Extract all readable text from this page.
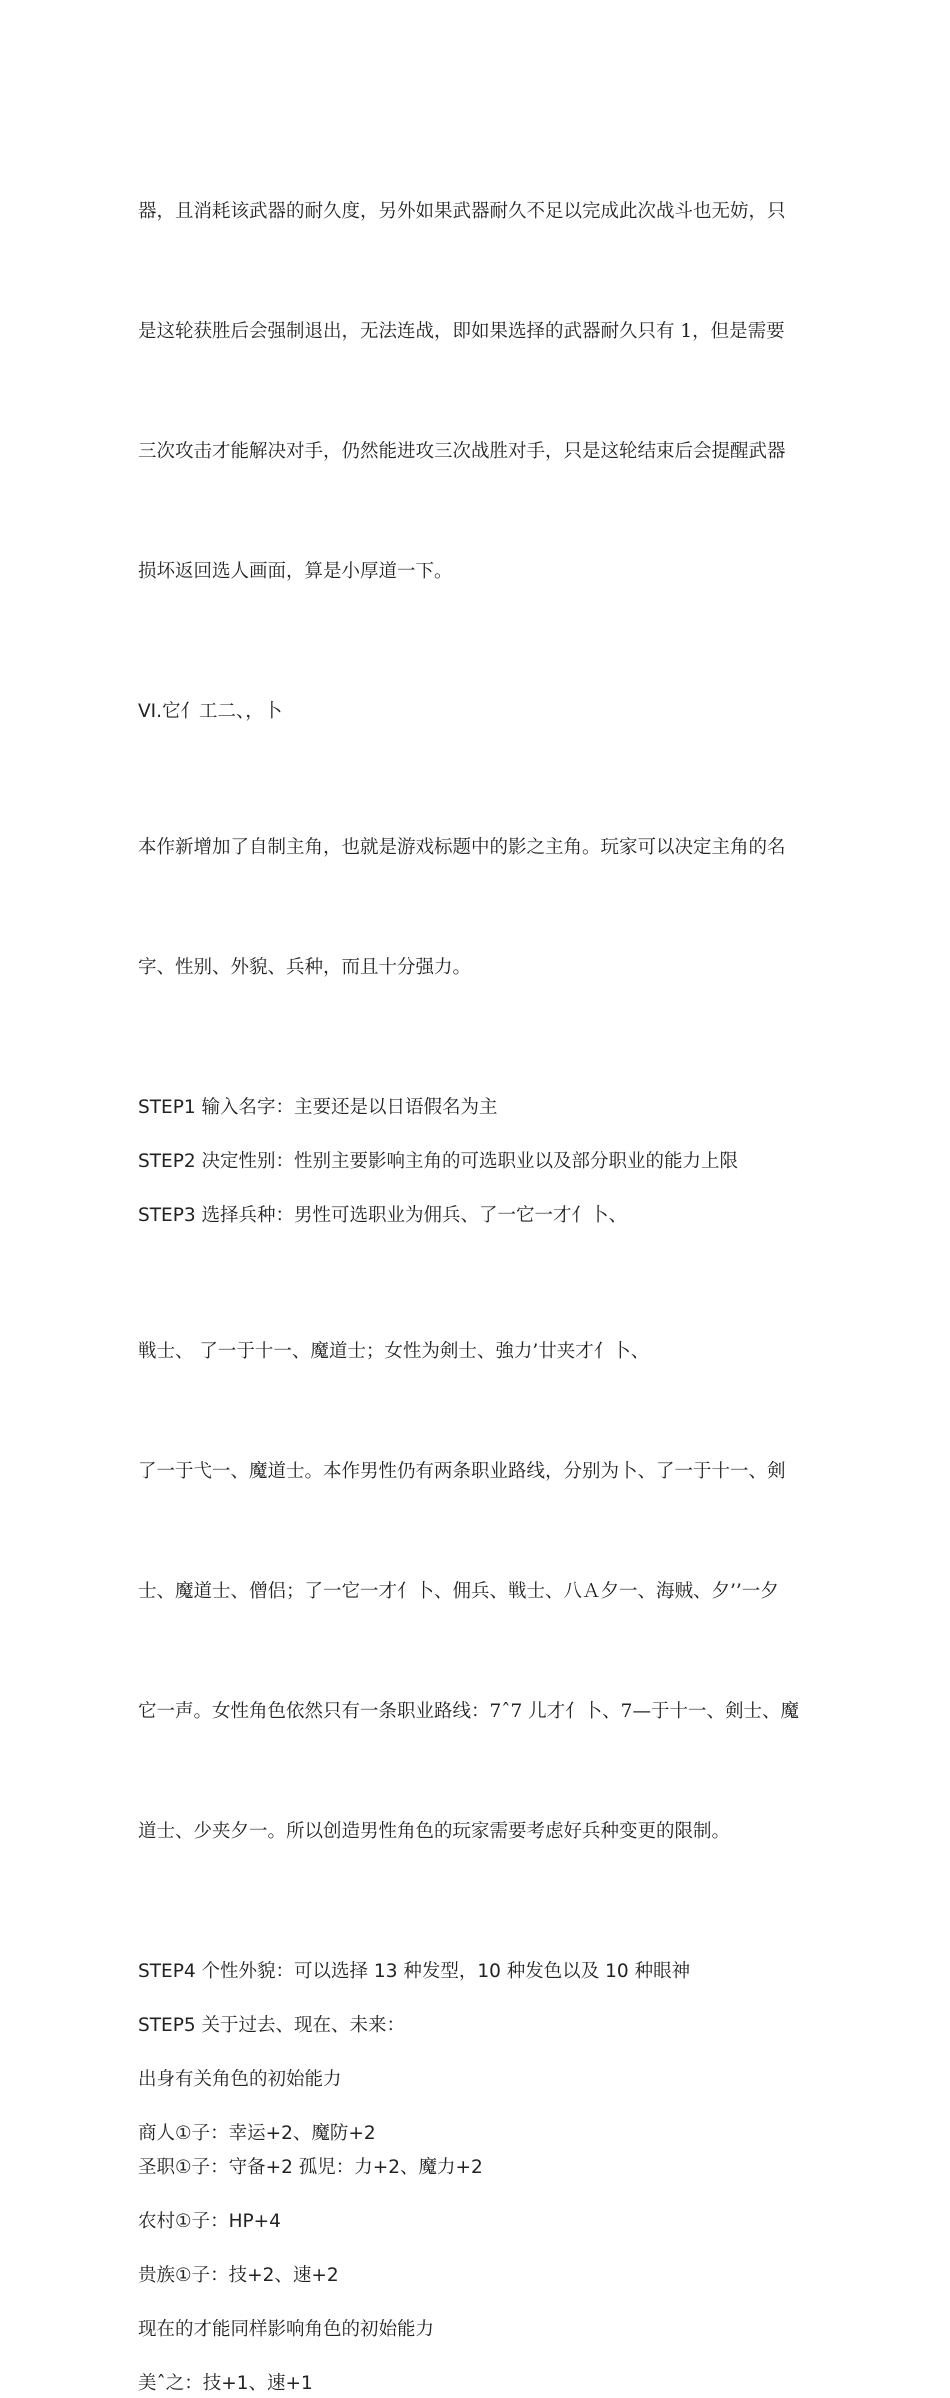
器，且消耗该武器的耐久度，另外如果武器耐久不足以完成此次战斗也无妨，只

是这轮获胜后会强制退出，无法连战，即如果选择的武器耐久只有 1，但是需要

三次攻击才能解决对手，仍然能进攻三次战胜对手，只是这轮结束后会提醒武器

损坏返回选人画面，算是小厚道一下。

VI.它亻工二、，卜

本作新增加了自制主角，也就是游戏标题中的影之主角。玩家可以决定主角的名

字、性别、外貌、兵种，而且十分强力。

STEP1 输入名字：主要还是以日语假名为主

STEP2 决定性别：性别主要影响主角的可选职业以及部分职业的能力上限

STEP3 选择兵种：男性可选职业为佣兵、了一它一才亻卜、

戦士、 了一于十一、魔道士；女性为剣士、強力’廿夹才亻卜、

了一于弋一、魔道士。本作男性仍有两条职业路线，分别为卜、了一于十一、剣

士、魔道士、僧侣；了一它一才亻卜、佣兵、戦士、八Ａ夕一、海贼、夕’’一夕

它一声。女性角色依然只有一条职业路线：7ˆ7 儿才亻卜、7—于十一、剣士、魔

道士、少夹夕一。所以创造男性角色的玩家需要考虑好兵种变更的限制。

STEP4 个性外貌：可以选择 13 种发型，10 种发色以及 10 种眼神

STEP5 关于过去、现在、未来：

出身有关角色的初始能力

商人①子：幸运+2、魔防+2

圣职①子：守备+2 孤児：力+2、魔力+2

农村①子：HP+4

贵族①子：技+2、速+2

现在的才能同样影响角色的初始能力

美ˆ之：技+1、速+1
